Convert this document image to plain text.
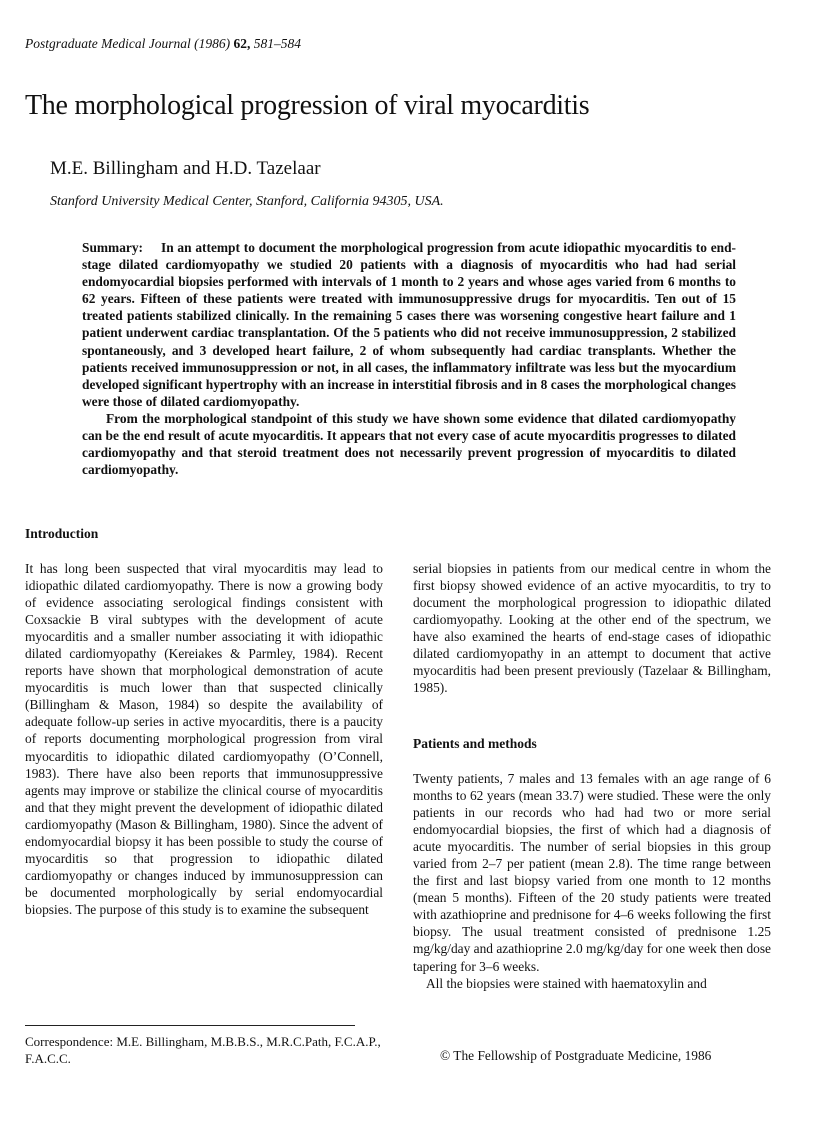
Postgraduate Medical Journal (1986) 62, 581–584
The morphological progression of viral myocarditis
M.E. Billingham and H.D. Tazelaar
Stanford University Medical Center, Stanford, California 94305, USA.

Summary: In an attempt to document the morphological progression from acute idiopathic myocarditis to end-stage dilated cardiomyopathy we studied 20 patients with a diagnosis of myocarditis who had had serial endomyocardial biopsies performed with intervals of 1 month to 2 years and whose ages varied from 6 months to 62 years. Fifteen of these patients were treated with immunosuppressive drugs for myocarditis. Ten out of 15 treated patients stabilized clinically. In the remaining 5 cases there was worsening congestive heart failure and 1 patient underwent cardiac transplantation. Of the 5 patients who did not receive immunosuppression, 2 stabilized spontaneously, and 3 developed heart failure, 2 of whom subsequently had cardiac transplants. Whether the patients received immunosuppression or not, in all cases, the inflammatory infiltrate was less but the myocardium developed significant hypertrophy with an increase in interstitial fibrosis and in 8 cases the morphological changes were those of dilated cardiomyopathy.

From the morphological standpoint of this study we have shown some evidence that dilated cardiomyopathy can be the end result of acute myocarditis. It appears that not every case of acute myocarditis progresses to dilated cardiomyopathy and that steroid treatment does not necessarily prevent progression of myocarditis to dilated cardiomyopathy.

Introduction

It has long been suspected that viral myocarditis may lead to idiopathic dilated cardiomyopathy. There is now a growing body of evidence associating serological findings consistent with Coxsackie B viral subtypes with the development of acute myocarditis and a smaller number associating it with idiopathic dilated cardiomyopathy (Kereiakes & Parmley, 1984). Recent reports have shown that morphological demonstration of acute myocarditis is much lower than that suspected clinically (Billingham & Mason, 1984) so despite the availability of adequate follow-up series in active myocarditis, there is a paucity of reports documenting morphological progression from viral myocarditis to idiopathic dilated cardiomyopathy (O’Connell, 1983). There have also been reports that immunosuppressive agents may improve or stabilize the clinical course of myocarditis and that they might prevent the development of idiopathic dilated cardiomyopathy (Mason & Billingham, 1980). Since the advent of endomyocardial biopsy it has been possible to study the course of myocarditis so that progression to idiopathic dilated cardiomyopathy or changes induced by immunosuppression can be documented morphologically by serial endomyocardial biopsies. The purpose of this study is to examine the subsequent

serial biopsies in patients from our medical centre in whom the first biopsy showed evidence of an active myocarditis, to try to document the morphological progression to idiopathic dilated cardiomyopathy. Looking at the other end of the spectrum, we have also examined the hearts of end-stage cases of idiopathic dilated cardiomyopathy in an attempt to document that active myocarditis had been present previously (Tazelaar & Billingham, 1985).

Patients and methods

Twenty patients, 7 males and 13 females with an age range of 6 months to 62 years (mean 33.7) were studied. These were the only patients in our records who had had two or more serial endomyocardial biopsies, the first of which had a diagnosis of acute myocarditis. The number of serial biopsies in this group varied from 2–7 per patient (mean 2.8). The time range between the first and last biopsy varied from one month to 12 months (mean 5 months). Fifteen of the 20 study patients were treated with azathioprine and prednisone for 4–6 weeks following the first biopsy. The usual treatment consisted of prednisone 1.25 mg/kg/day and azathioprine 2.0 mg/kg/day for one week then dose tapering for 3–6 weeks.

All the biopsies were stained with haematoxylin and

Correspondence: M.E. Billingham, M.B.B.S., M.R.C.Path, F.C.A.P., F.A.C.C.	© The Fellowship of Postgraduate Medicine, 1986
